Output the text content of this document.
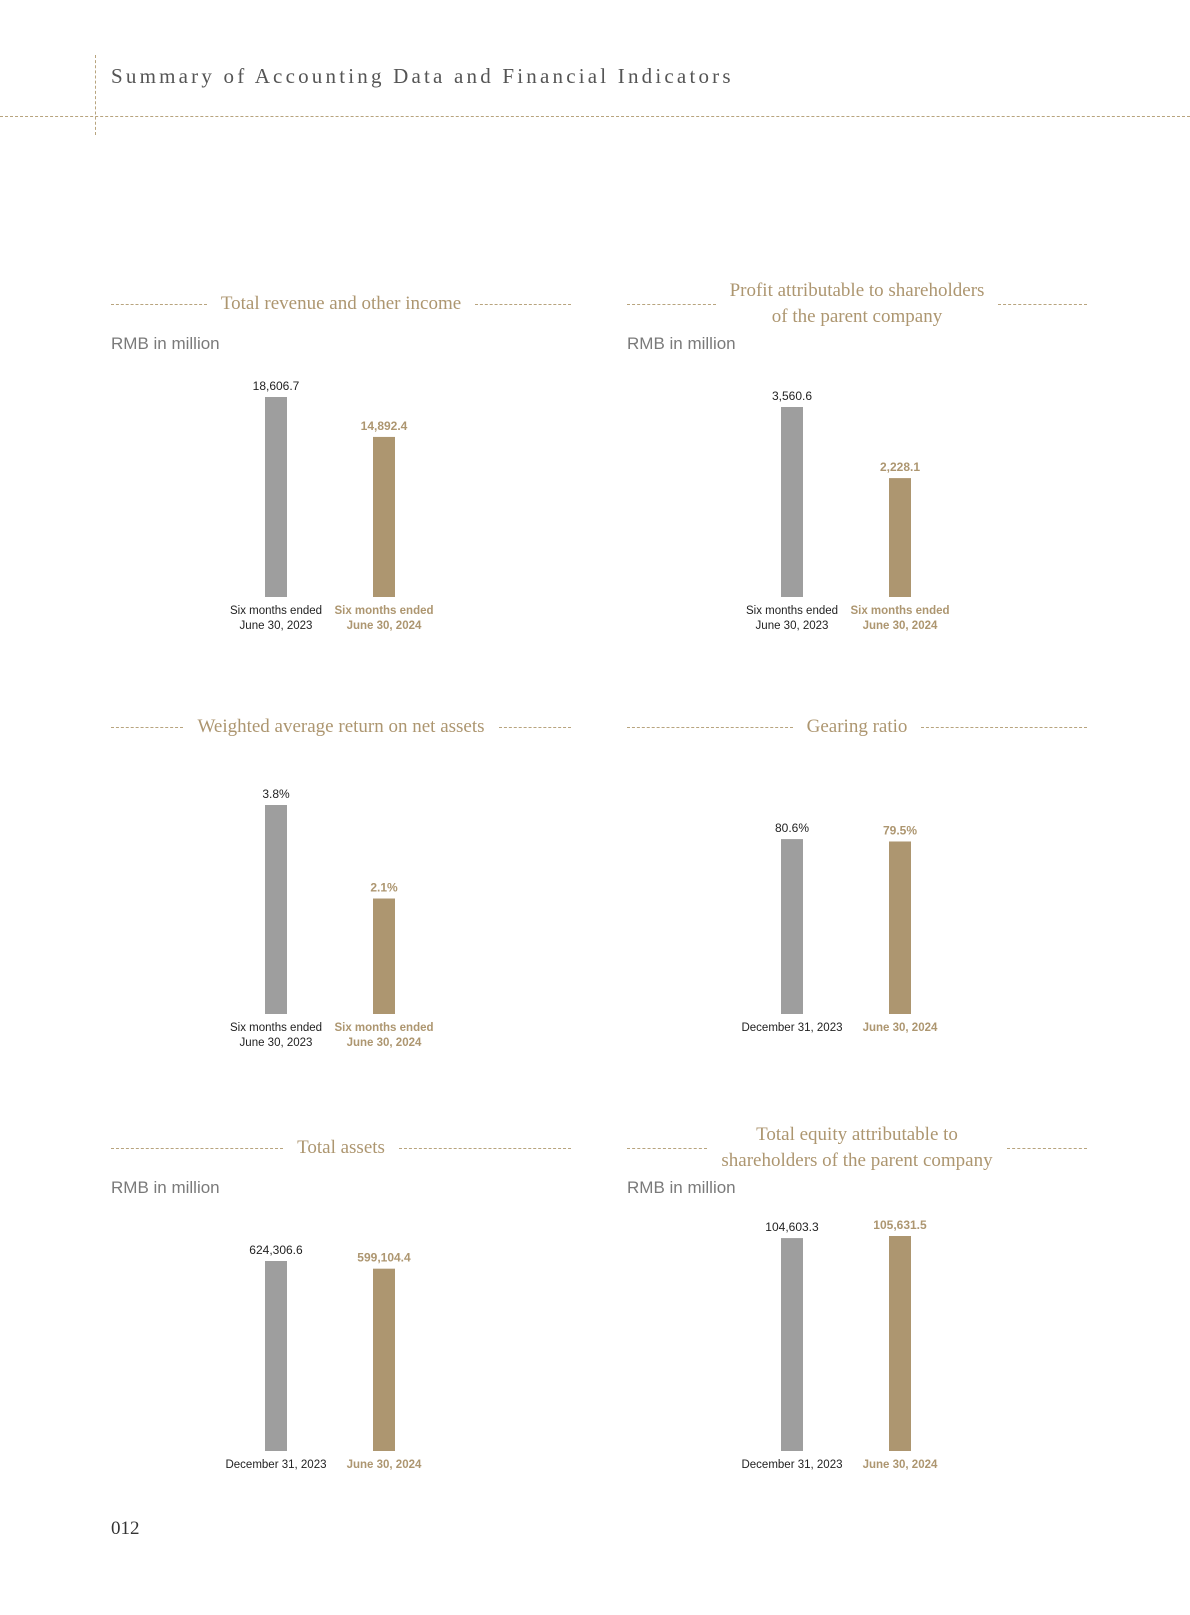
Summary of Accounting Data and Financial Indicators
Total revenue and other income
RMB in million
18,606.7
Six months ended
June 30, 2023
14,892.4
Six months ended
June 30, 2024
Profit attributable to shareholders
of the parent company
RMB in million
3,560.6
Six months ended
June 30, 2023
2,228.1
Six months ended
June 30, 2024
Weighted average return on net assets
3.8%
Six months ended
June 30, 2023
2.1%
Six months ended
June 30, 2024
Gearing ratio
80.6%
December 31, 2023
79.5%
June 30, 2024
Total assets
RMB in million
624,306.6
December 31, 2023
599,104.4
June 30, 2024
Total equity attributable to
shareholders of the parent company
RMB in million
104,603.3
December 31, 2023
105,631.5
June 30, 2024
012
